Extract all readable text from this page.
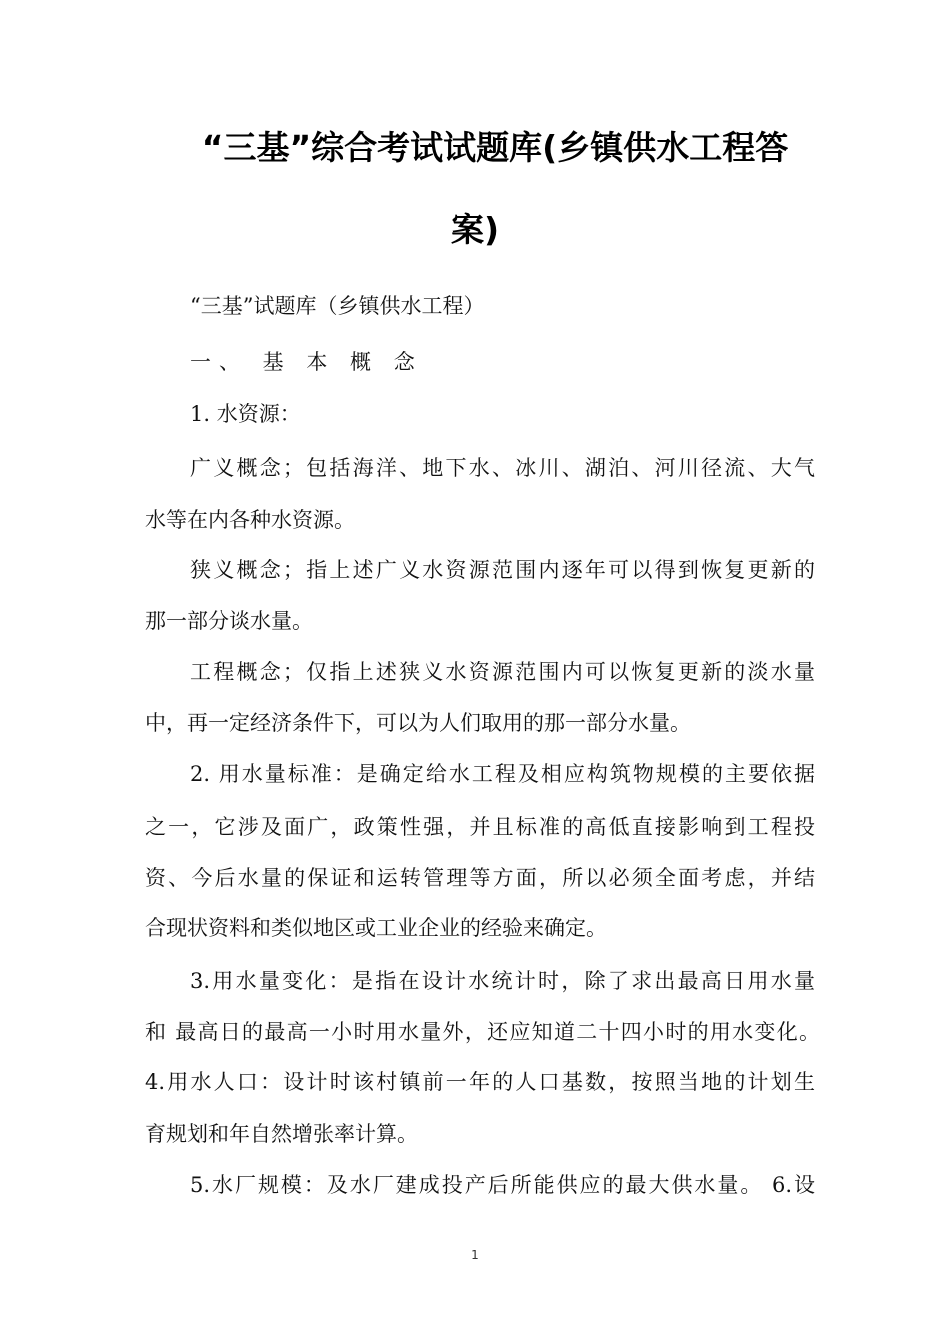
“三基”综合考试试题库(乡镇供水工程答
案)
“三基”试题库（乡镇供水工程）
一、 基 本 概 念
1. 水资源：
广义概念；包括海洋、地下水、冰川、湖泊、河川径流、大气
水等在内各种水资源。
狭义概念；指上述广义水资源范围内逐年可以得到恢复更新的
那一部分谈水量。
工程概念；仅指上述狭义水资源范围内可以恢复更新的淡水量
中，再一定经济条件下，可以为人们取用的那一部分水量。
2. 用水量标准：是确定给水工程及相应构筑物规模的主要依据
之一，它涉及面广，政策性强，并且标准的高低直接影响到工程投
资、今后水量的保证和运转管理等方面，所以必须全面考虑，并结
合现状资料和类似地区或工业企业的经验来确定。
3.用水量变化：是指在设计水统计时，除了求出最高日用水量
和 最高日的最高一小时用水量外，还应知道二十四小时的用水变化。
4.用水人口：设计时该村镇前一年的人口基数，按照当地的计划生
育规划和年自然增张率计算。
5.水厂规模：及水厂建成投产后所能供应的最大供水量。 6.设
1
